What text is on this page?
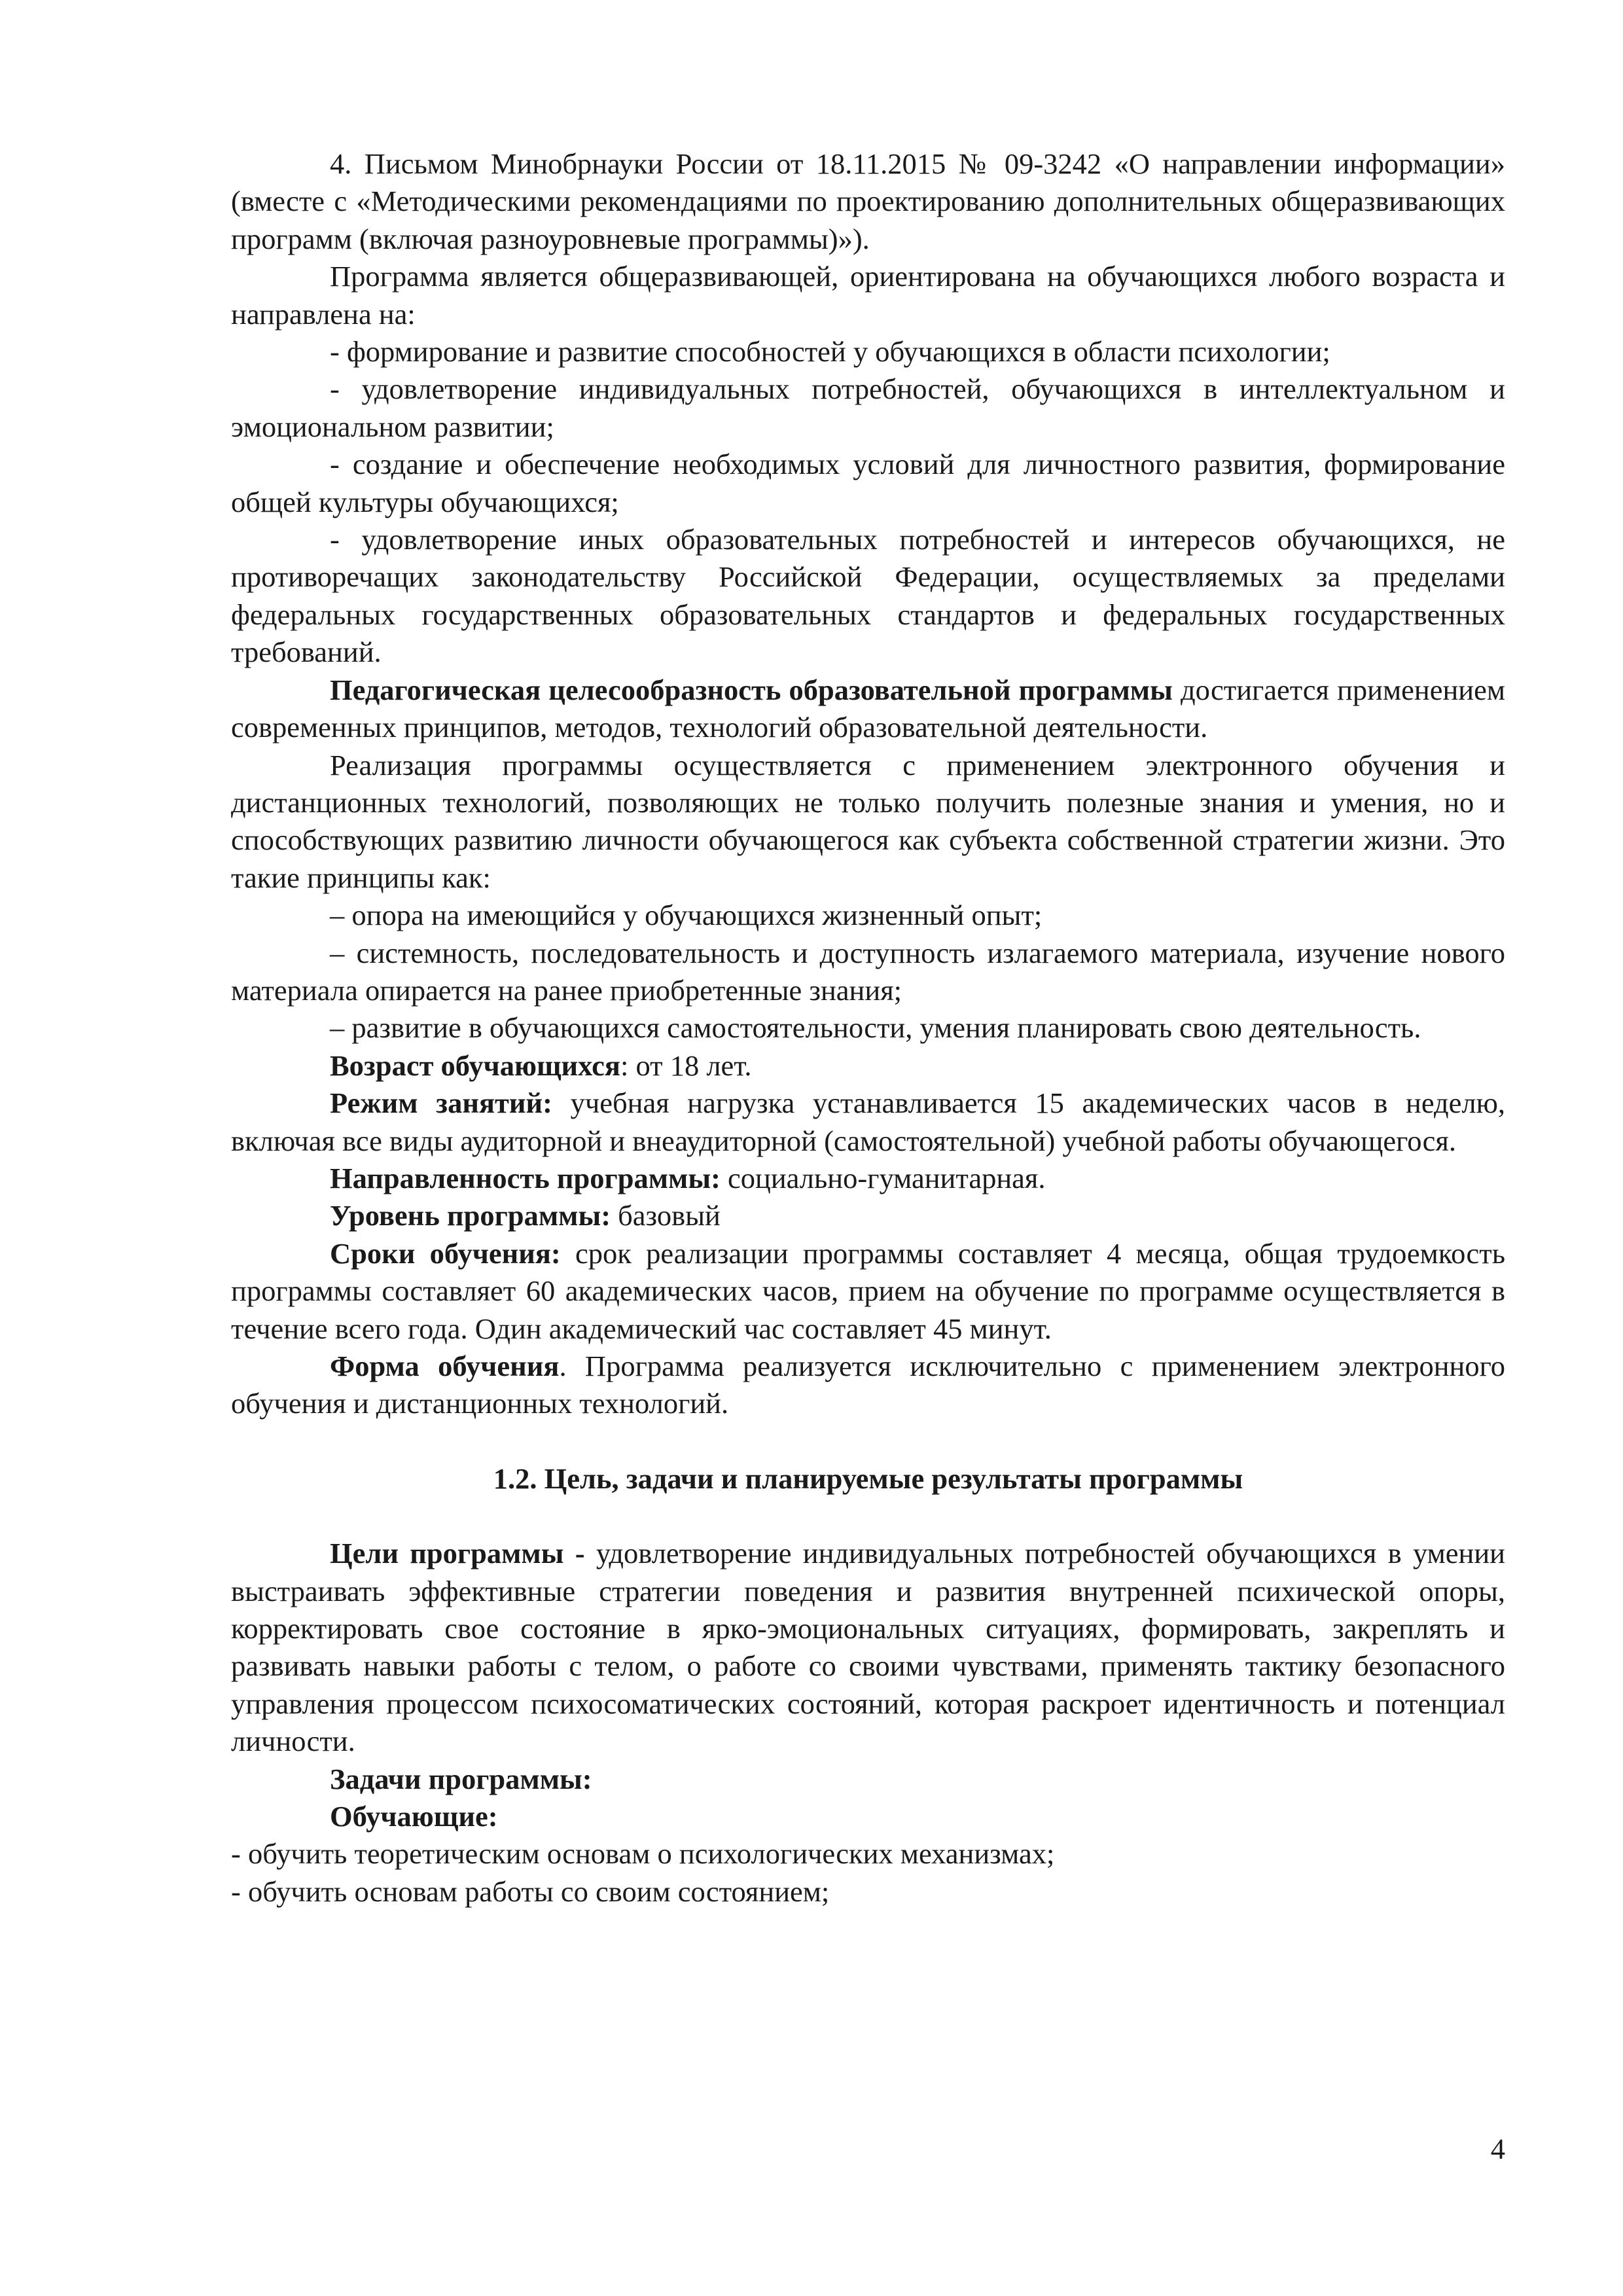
4. Письмом Минобрнауки России от 18.11.2015 № 09-3242 «О направлении информации» (вместе с «Методическими рекомендациями по проектированию дополнительных общеразвивающих программ (включая разноуровневые программы)»).

Программа является общеразвивающей, ориентирована на обучающихся любого возраста и направлена на:

- формирование и развитие способностей у обучающихся в области психологии;

- удовлетворение индивидуальных потребностей, обучающихся в интеллектуальном и эмоциональном развитии;

- создание и обеспечение необходимых условий для личностного развития, формирование общей культуры обучающихся;

- удовлетворение иных образовательных потребностей и интересов обучающихся, не противоречащих законодательству Российской Федерации, осуществляемых за пределами федеральных государственных образовательных стандартов и федеральных государственных требований.

Педагогическая целесообразность образовательной программы достигается применением современных принципов, методов, технологий образовательной деятельности.

Реализация программы осуществляется с применением электронного обучения и дистанционных технологий, позволяющих не только получить полезные знания и умения, но и способствующих развитию личности обучающегося как субъекта собственной стратегии жизни. Это такие принципы как:

– опора на имеющийся у обучающихся жизненный опыт;

– системность, последовательность и доступность излагаемого материала, изучение нового материала опирается на ранее приобретенные знания;

– развитие в обучающихся самостоятельности, умения планировать свою деятельность.

Возраст обучающихся: от 18 лет.

Режим занятий: учебная нагрузка устанавливается 15 академических часов в неделю, включая все виды аудиторной и внеаудиторной (самостоятельной) учебной работы обучающегося.

Направленность программы: социально-гуманитарная.

Уровень программы: базовый

Сроки обучения: срок реализации программы составляет 4 месяца, общая трудоемкость программы составляет 60 академических часов, прием на обучение по программе осуществляется в течение всего года. Один академический час составляет 45 минут.

Форма обучения. Программа реализуется исключительно с применением электронного обучения и дистанционных технологий.

1.2. Цель, задачи и планируемые результаты программы

Цели программы - удовлетворение индивидуальных потребностей обучающихся в умении выстраивать эффективные стратегии поведения и развития внутренней психической опоры, корректировать свое состояние в ярко-эмоциональных ситуациях, формировать, закреплять и развивать навыки работы с телом, о работе со своими чувствами, применять тактику безопасного управления процессом психосоматических состояний, которая раскроет идентичность и потенциал личности.

Задачи программы:

Обучающие:

- обучить теоретическим основам о психологических механизмах;

- обучить основам работы со своим состоянием;

4
